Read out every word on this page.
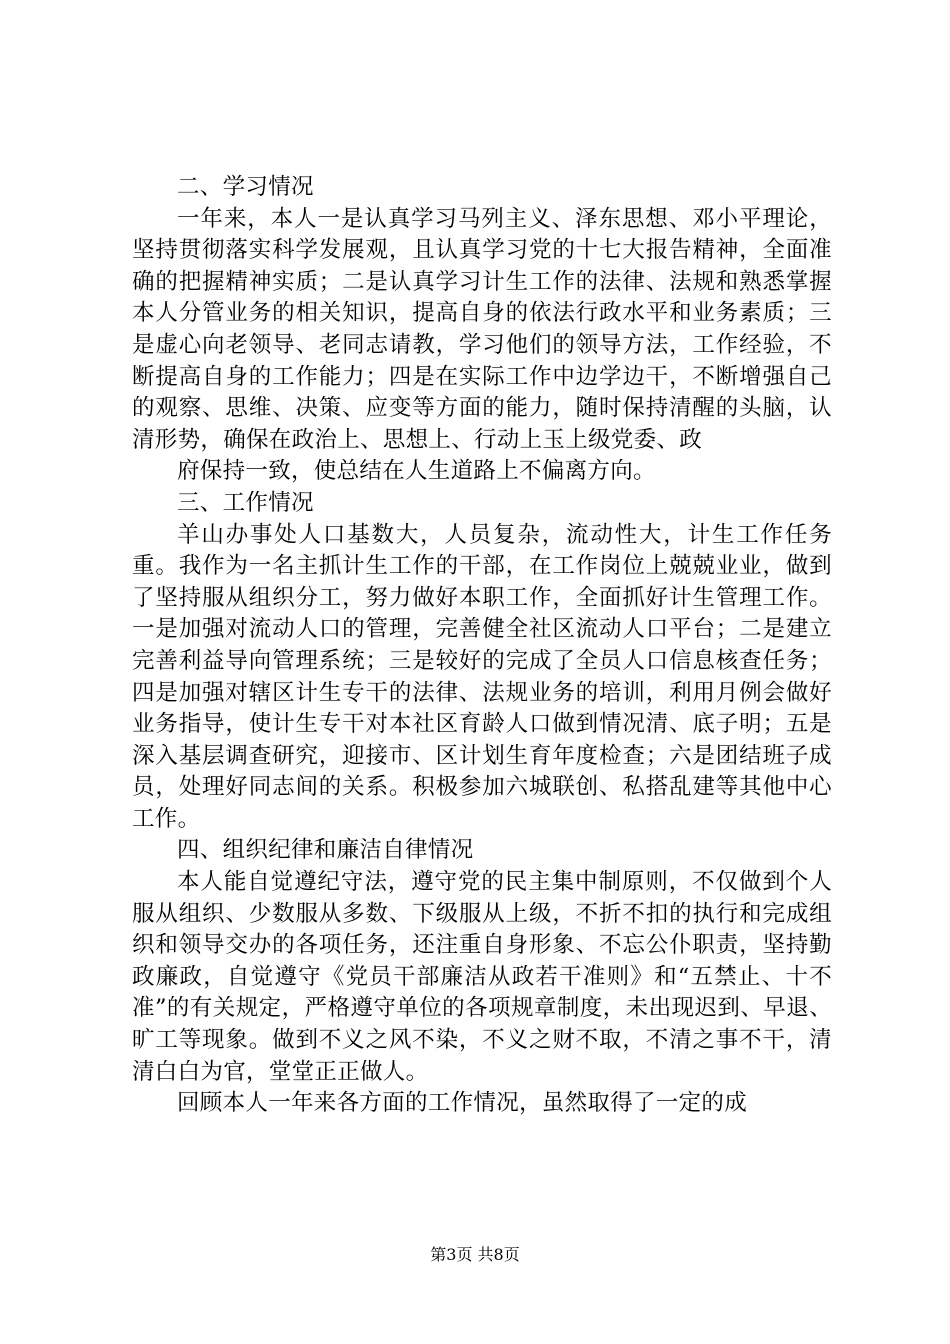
二、学习情况

一年来，本人一是认真学习马列主义、泽东思想、邓小平理论，坚持贯彻落实科学发展观，且认真学习党的十七大报告精神，全面准确的把握精神实质；二是认真学习计生工作的法律、法规和熟悉掌握本人分管业务的相关知识，提高自身的依法行政水平和业务素质；三是虚心向老领导、老同志请教，学习他们的领导方法，工作经验，不断提高自身的工作能力；四是在实际工作中边学边干，不断增强自己的观察、思维、决策、应变等方面的能力，随时保持清醒的头脑，认清形势，确保在政治上、思想上、行动上玉上级党委、政

府保持一致，使总结在人生道路上不偏离方向。

三、工作情况

羊山办事处人口基数大，人员复杂，流动性大，计生工作任务重。我作为一名主抓计生工作的干部，在工作岗位上兢兢业业，做到了坚持服从组织分工，努力做好本职工作，全面抓好计生管理工作。一是加强对流动人口的管理，完善健全社区流动人口平台；二是建立完善利益导向管理系统；三是较好的完成了全员人口信息核查任务；四是加强对辖区计生专干的法律、法规业务的培训，利用月例会做好业务指导，使计生专干对本社区育龄人口做到情况清、底子明；五是深入基层调查研究，迎接市、区计划生育年度检查；六是团结班子成员，处理好同志间的关系。积极参加六城联创、私搭乱建等其他中心工作。

四、组织纪律和廉洁自律情况

本人能自觉遵纪守法，遵守党的民主集中制原则，不仅做到个人服从组织、少数服从多数、下级服从上级，不折不扣的执行和完成组织和领导交办的各项任务，还注重自身形象、不忘公仆职责，坚持勤政廉政，自觉遵守《党员干部廉洁从政若干准则》和“五禁止、十不准”的有关规定，严格遵守单位的各项规章制度，未出现迟到、早退、旷工等现象。做到不义之风不染，不义之财不取，不清之事不干，清清白白为官，堂堂正正做人。

回顾本人一年来各方面的工作情况，虽然取得了一定的成

第3页 共8页
